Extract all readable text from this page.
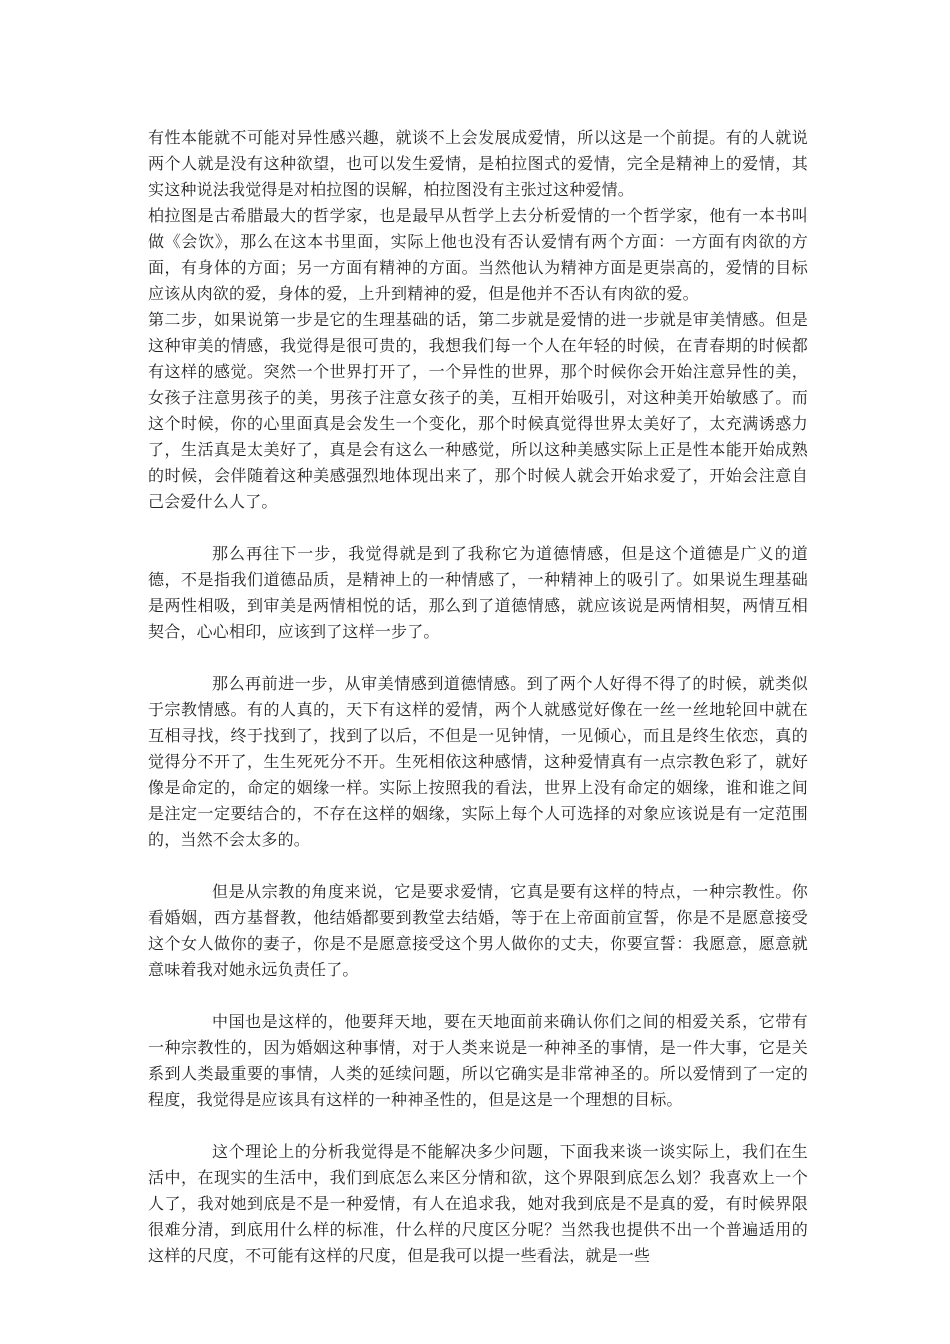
有性本能就不可能对异性感兴趣，就谈不上会发展成爱情，所以这是一个前提。有的人就说两个人就是没有这种欲望，也可以发生爱情，是柏拉图式的爱情，完全是精神上的爱情，其实这种说法我觉得是对柏拉图的误解，柏拉图没有主张过这种爱情。

柏拉图是古希腊最大的哲学家，也是最早从哲学上去分析爱情的一个哲学家，他有一本书叫做《会饮》，那么在这本书里面，实际上他也没有否认爱情有两个方面：一方面有肉欲的方面，有身体的方面；另一方面有精神的方面。当然他认为精神方面是更崇高的，爱情的目标应该从肉欲的爱，身体的爱，上升到精神的爱，但是他并不否认有肉欲的爱。

第二步，如果说第一步是它的生理基础的话，第二步就是爱情的进一步就是审美情感。但是这种审美的情感，我觉得是很可贵的，我想我们每一个人在年轻的时候，在青春期的时候都有这样的感觉。突然一个世界打开了，一个异性的世界，那个时候你会开始注意异性的美，女孩子注意男孩子的美，男孩子注意女孩子的美，互相开始吸引，对这种美开始敏感了。而这个时候，你的心里面真是会发生一个变化，那个时候真觉得世界太美好了，太充满诱惑力了，生活真是太美好了，真是会有这么一种感觉，所以这种美感实际上正是性本能开始成熟的时候，会伴随着这种美感强烈地体现出来了，那个时候人就会开始求爱了，开始会注意自己会爱什么人了。

那么再往下一步，我觉得就是到了我称它为道德情感，但是这个道德是广义的道德，不是指我们道德品质，是精神上的一种情感了，一种精神上的吸引了。如果说生理基础是两性相吸，到审美是两情相悦的话，那么到了道德情感，就应该说是两情相契，两情互相契合，心心相印，应该到了这样一步了。

那么再前进一步，从审美情感到道德情感。到了两个人好得不得了的时候，就类似于宗教情感。有的人真的，天下有这样的爱情，两个人就感觉好像在一丝一丝地轮回中就在互相寻找，终于找到了，找到了以后，不但是一见钟情，一见倾心，而且是终生依恋，真的觉得分不开了，生生死死分不开。生死相依这种感情，这种爱情真有一点宗教色彩了，就好像是命定的，命定的姻缘一样。实际上按照我的看法，世界上没有命定的姻缘，谁和谁之间是注定一定要结合的，不存在这样的姻缘，实际上每个人可选择的对象应该说是有一定范围的，当然不会太多的。

但是从宗教的角度来说，它是要求爱情，它真是要有这样的特点，一种宗教性。你看婚姻，西方基督教，他结婚都要到教堂去结婚，等于在上帝面前宣誓，你是不是愿意接受这个女人做你的妻子，你是不是愿意接受这个男人做你的丈夫，你要宣誓：我愿意，愿意就意味着我对她永远负责任了。

中国也是这样的，他要拜天地，要在天地面前来确认你们之间的相爱关系，它带有一种宗教性的，因为婚姻这种事情，对于人类来说是一种神圣的事情，是一件大事，它是关系到人类最重要的事情，人类的延续问题，所以它确实是非常神圣的。所以爱情到了一定的程度，我觉得是应该具有这样的一种神圣性的，但是这是一个理想的目标。

这个理论上的分析我觉得是不能解决多少问题，下面我来谈一谈实际上，我们在生活中，在现实的生活中，我们到底怎么来区分情和欲，这个界限到底怎么划？我喜欢上一个人了，我对她到底是不是一种爱情，有人在追求我，她对我到底是不是真的爱，有时候界限很难分清，到底用什么样的标准，什么样的尺度区分呢？当然我也提供不出一个普遍适用的这样的尺度，不可能有这样的尺度，但是我可以提一些看法，就是一些
